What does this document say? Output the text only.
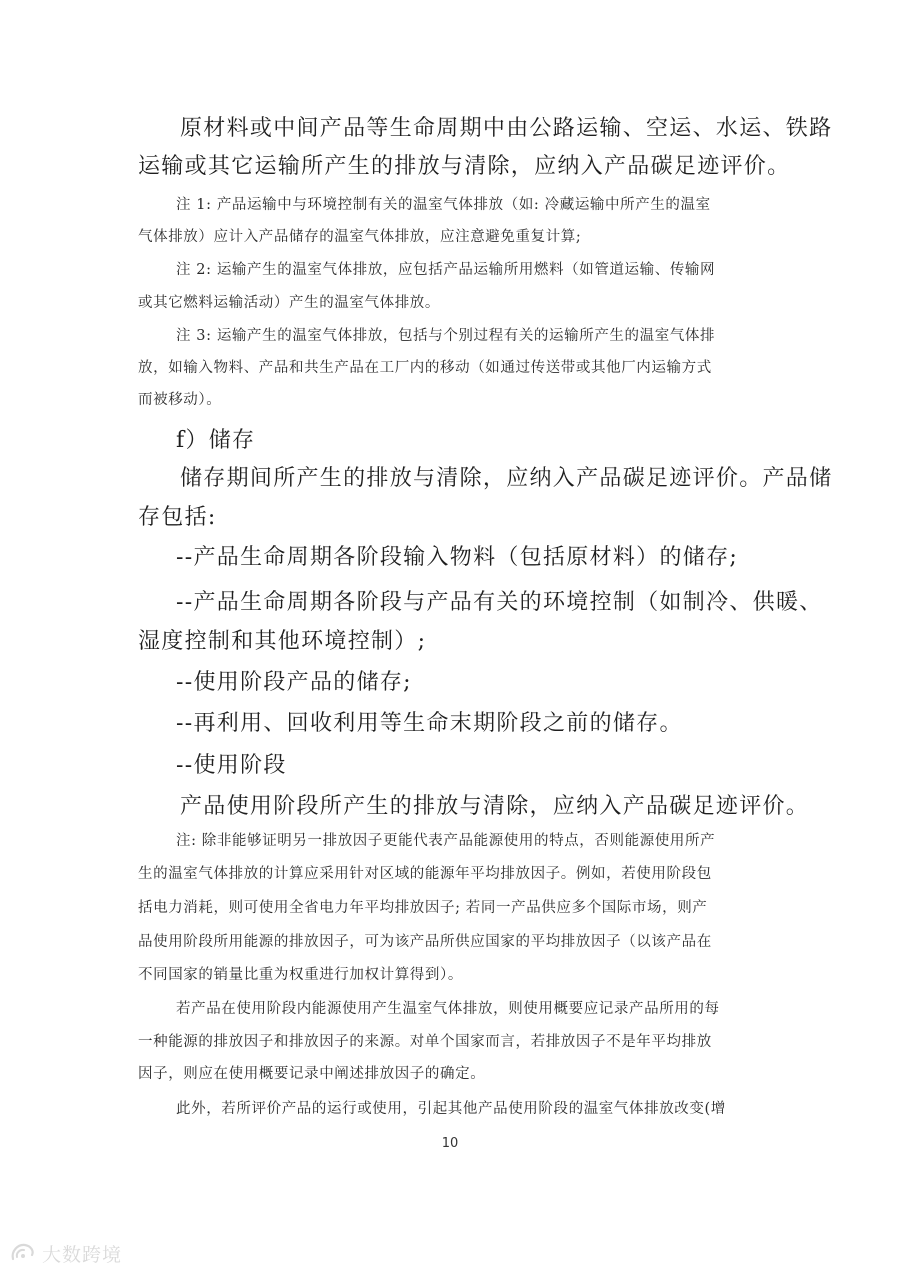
原材料或中间产品等生命周期中由公路运输、空运、水运、铁路
运输或其它运输所产生的排放与清除，应纳入产品碳足迹评价。
注 1: 产品运输中与环境控制有关的温室气体排放（如: 冷藏运输中所产生的温室
气体排放）应计入产品储存的温室气体排放，应注意避免重复计算;
注 2: 运输产生的温室气体排放，应包括产品运输所用燃料（如管道运输、传输网
或其它燃料运输活动）产生的温室气体排放。
注 3: 运输产生的温室气体排放，包括与个别过程有关的运输所产生的温室气体排
放，如输入物料、产品和共生产品在工厂内的移动（如通过传送带或其他厂内运输方式
而被移动）。
f）储存
储存期间所产生的排放与清除，应纳入产品碳足迹评价。产品储
存包括:
--产品生命周期各阶段输入物料（包括原材料）的储存;
--产品生命周期各阶段与产品有关的环境控制（如制冷、供暖、
湿度控制和其他环境控制）;
--使用阶段产品的储存;
--再利用、回收利用等生命末期阶段之前的储存。
--使用阶段
产品使用阶段所产生的排放与清除，应纳入产品碳足迹评价。
注: 除非能够证明另一排放因子更能代表产品能源使用的特点，否则能源使用所产
生的温室气体排放的计算应采用针对区域的能源年平均排放因子。例如，若使用阶段包
括电力消耗，则可使用全省电力年平均排放因子; 若同一产品供应多个国际市场，则产
品使用阶段所用能源的排放因子，可为该产品所供应国家的平均排放因子（以该产品在
不同国家的销量比重为权重进行加权计算得到）。
若产品在使用阶段内能源使用产生温室气体排放，则使用概要应记录产品所用的每
一种能源的排放因子和排放因子的来源。对单个国家而言，若排放因子不是年平均排放
因子，则应在使用概要记录中阐述排放因子的确定。
此外，若所评价产品的运行或使用，引起其他产品使用阶段的温室气体排放改变(增
10
大数跨境
